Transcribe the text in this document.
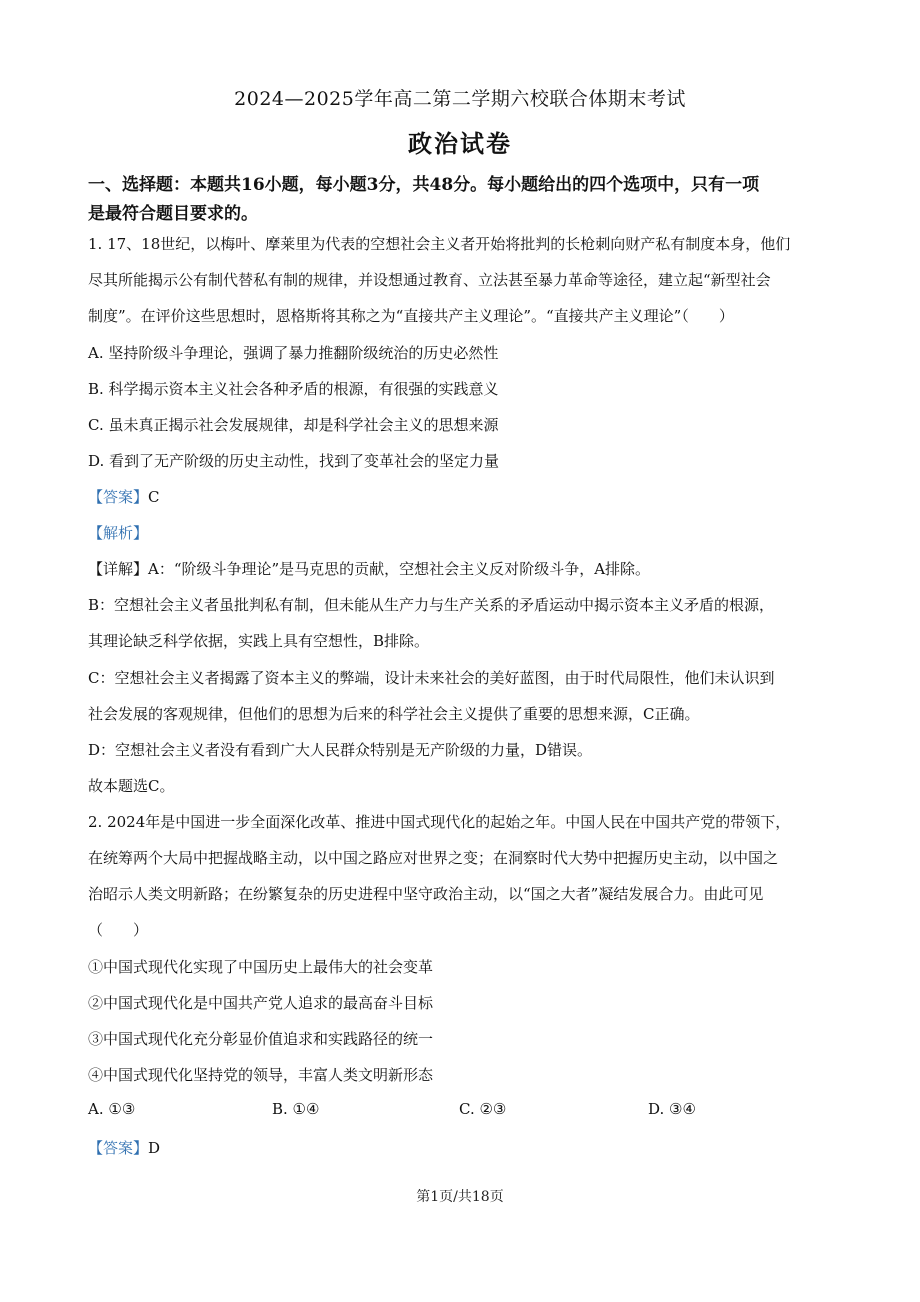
2024—2025学年高二第二学期六校联合体期末考试
政治试卷
一、选择题：本题共16小题，每小题3分，共48分。每小题给出的四个选项中，只有一项
是最符合题目要求的。
1. 17、18世纪，以梅叶、摩莱里为代表的空想社会主义者开始将批判的长枪刺向财产私有制度本身，他们
尽其所能揭示公有制代替私有制的规律，并设想通过教育、立法甚至暴力革命等途径，建立起“新型社会
制度”。在评价这些思想时，恩格斯将其称之为“直接共产主义理论”。“直接共产主义理论”（　　）
A. 坚持阶级斗争理论，强调了暴力推翻阶级统治的历史必然性
B. 科学揭示资本主义社会各种矛盾的根源，有很强的实践意义
C. 虽未真正揭示社会发展规律，却是科学社会主义的思想来源
D. 看到了无产阶级的历史主动性，找到了变革社会的坚定力量
【答案】C
【解析】
【详解】A：“阶级斗争理论”是马克思的贡献，空想社会主义反对阶级斗争，A排除。
B：空想社会主义者虽批判私有制，但未能从生产力与生产关系的矛盾运动中揭示资本主义矛盾的根源，
其理论缺乏科学依据，实践上具有空想性，B排除。
C：空想社会主义者揭露了资本主义的弊端，设计未来社会的美好蓝图，由于时代局限性，他们未认识到
社会发展的客观规律，但他们的思想为后来的科学社会主义提供了重要的思想来源，C正确。
D：空想社会主义者没有看到广大人民群众特别是无产阶级的力量，D错误。
故本题选C。
2. 2024年是中国进一步全面深化改革、推进中国式现代化的起始之年。中国人民在中国共产党的带领下，
在统筹两个大局中把握战略主动，以中国之路应对世界之变；在洞察时代大势中把握历史主动，以中国之
治昭示人类文明新路；在纷繁复杂的历史进程中坚守政治主动，以“国之大者”凝结发展合力。由此可见
（　　）
①中国式现代化实现了中国历史上最伟大的社会变革
②中国式现代化是中国共产党人追求的最高奋斗目标
③中国式现代化充分彰显价值追求和实践路径的统一
④中国式现代化坚持党的领导，丰富人类文明新形态
A. ①③	B. ①④	C. ②③	D. ③④
【答案】D
第1页/共18页
